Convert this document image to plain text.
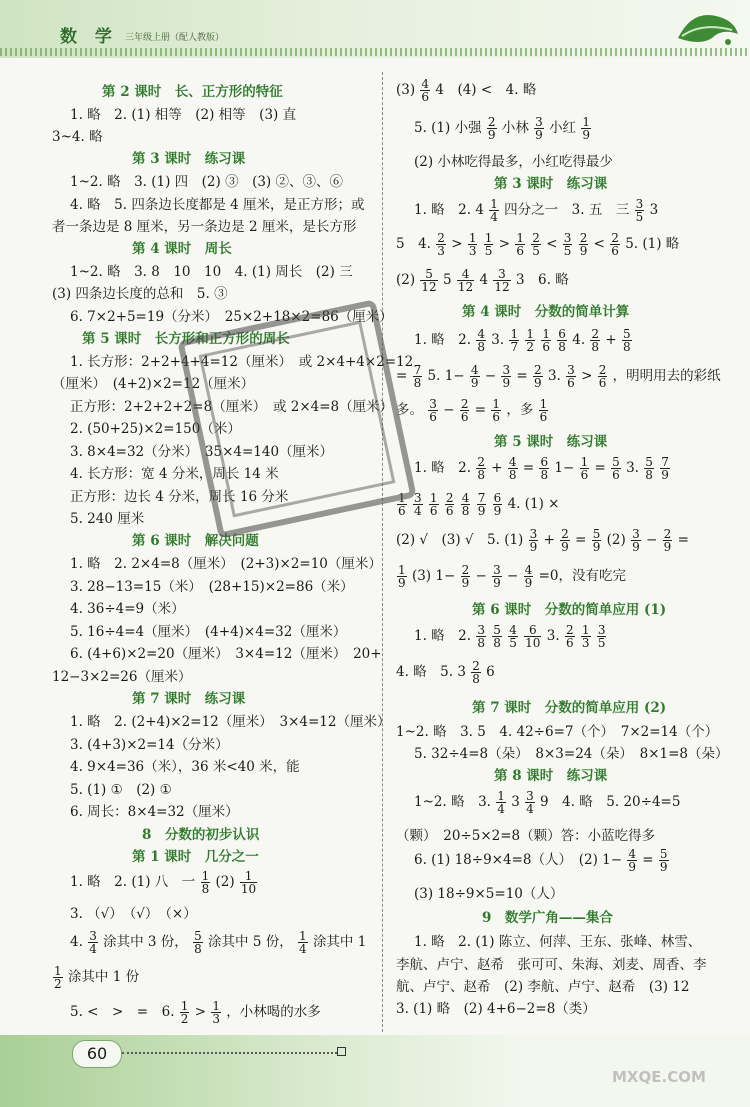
数 学 三年级上册（配人教版）
第 2 课时　长、正方形的特征
1. 略　2. (1) 相等　(2) 相等　(3) 直
3~4. 略
第 3 课时　练习课
1~2. 略　3. (1) 四　(2) ③　(3) ②、③、⑥
4. 略　5. 四条边长度都是 4 厘米，是正方形；或
者一条边是 8 厘米，另一条边是 2 厘米，是长方形
第 4 课时　周长
1~2. 略　3. 8　10　10　4. (1) 周长　(2) 三
(3) 四条边长度的总和　5. ③
6. 7×2+5=19（分米）　25×2+18×2=86（厘米）
第 5 课时　长方形和正方形的周长
1. 长方形：2+2+4+4=12（厘米）　或 2×4+4×2=12
（厘米）　(4+2)×2=12（厘米）
正方形：2+2+2+2=8（厘米）　或 2×4=8（厘米）
2. (50+25)×2=150（米）
3. 8×4=32（分米）　35×4=140（厘米）
4. 长方形：宽 4 分米，周长 14 米
正方形：边长 4 分米，周长 16 分米
5. 240 厘米
第 6 课时　解决问题
1. 略　2. 2×4=8（厘米）　(2+3)×2=10（厘米）
3. 28−13=15（米）　(28+15)×2=86（米）
4. 36÷4=9（米）
5. 16÷4=4（厘米）　(4+4)×4=32（厘米）
6. (4+6)×2=20（厘米）　3×4=12（厘米）　20+
12−3×2=26（厘米）
第 7 课时　练习课
1. 略　2. (2+4)×2=12（厘米）　3×4=12（厘米）
3. (4+3)×2=14（分米）
4. 9×4=36（米），36 米<40 米，能
5. (1) ①　(2) ①
6. 周长：8×4=32（厘米）
8　分数的初步认识
第 1 课时　几分之一
1. 略　2. (1) 八　一 $\frac{1}{8} (2) \frac{1}{10}$
3. （√）　（√）　（×）
4. $\frac{3}{4}$ 涂其中 3 份， $\frac{5}{8}$ 涂其中 5 份， $\frac{1}{4}$ 涂其中 1
$\frac{1}{2}$ 涂其中 1 份
5. <　>　=　6. $\frac{1}{2} > \frac{1}{3}$ ，小林喝的水多

$(3) \frac{4}{6} 4$　(4) <　4. 略
5. (1) 小强 $\frac{2}{9}$ 小林 $\frac{3}{9}$ 小红 $\frac{1}{9}$
(2) 小林吃得最多，小红吃得最少
第 3 课时　练习课
1. 略　2. $4 \frac{1}{4}$ 四分之一　3. 五　三 $\frac{3}{5} 3$
5　4. $\frac{2}{3} > \frac{1}{3}$
$\frac{1}{5} > \frac{1}{6}$
$\frac{2}{5} < \frac{3}{5}$
$\frac{2}{9} < \frac{2}{6} 5$. (1) 略
$(2) \frac{5}{12} 5 \frac{4}{12} 4 \frac{3}{12} 3$　6. 略
第 4 课时　分数的简单计算
1. 略　2. $\frac{4}{8} 3$. $\frac{1}{7}$
$\frac{1}{2}$
$\frac{1}{6}$
$\frac{6}{8} 4$. $\frac{2}{8} + \frac{5}{8}$
= $\frac{7}{8} 5$. $1- \frac{4}{9} - \frac{3}{9} = \frac{2}{9} 3$. $\frac{3}{6} > \frac{2}{6}$ ，明明用去的彩纸
多。 $\frac{3}{6} - \frac{2}{6} = \frac{1}{6}$ ，多 $\frac{1}{6}$
第 5 课时　练习课
1. 略　2. $\frac{2}{8} + \frac{4}{8} = \frac{6}{8} 1- \frac{1}{6} = \frac{5}{6} 3$. $\frac{5}{8}$
$\frac{7}{9}$
$\frac{1}{6}$
$\frac{3}{4}$
$\frac{1}{6}$
$\frac{2}{6}$
$\frac{4}{8}$
$\frac{7}{9}$
$\frac{6}{9} 4$. (1) ×
(2) √　(3) √　5. $(1) \frac{3}{9} + \frac{2}{9} = \frac{5}{9} (2) \frac{3}{9} - \frac{2}{9}$ =
$\frac{1}{9} (3)$ $1- \frac{2}{9} - \frac{3}{9} - \frac{4}{9} =0$，没有吃完
第 6 课时　分数的简单应用 (1)
1. 略　2. $\frac{3}{8}$
$\frac{5}{8}$
$\frac{4}{5}$
$\frac{6}{10} 3$. $\frac{2}{6}$
$\frac{1}{3}$
$\frac{3}{5}$
4. 略　5. $3 \frac{2}{8} 6$
第 7 课时　分数的简单应用 (2)
1~2. 略　3. 5　4. 42÷6=7（个）　7×2=14（个）
5. 32÷4=8（朵）　8×3=24（朵）　8×1=8（朵）
第 8 课时　练习课
1~2. 略　3. $\frac{1}{4} 3 \frac{3}{4} 9$　4. 略　5. 20÷4=5
（颗）　20÷5×2=8（颗）答：小蓝吃得多
6. (1) 18÷9×4=8（人）　(2) $1- \frac{4}{9} = \frac{5}{9}$
(3) 18÷9×5=10（人）
9　数学广角——集合
1. 略　2. (1) 陈立、何萍、王东、张峰、林雪、
李航、卢宁、赵希　张可可、朱海、刘麦、周香、李
航、卢宁、赵希　(2) 李航、卢宁、赵希　(3) 12
3. (1) 略　(2) 4+6−2=8（类）
60
MXQE.COM
